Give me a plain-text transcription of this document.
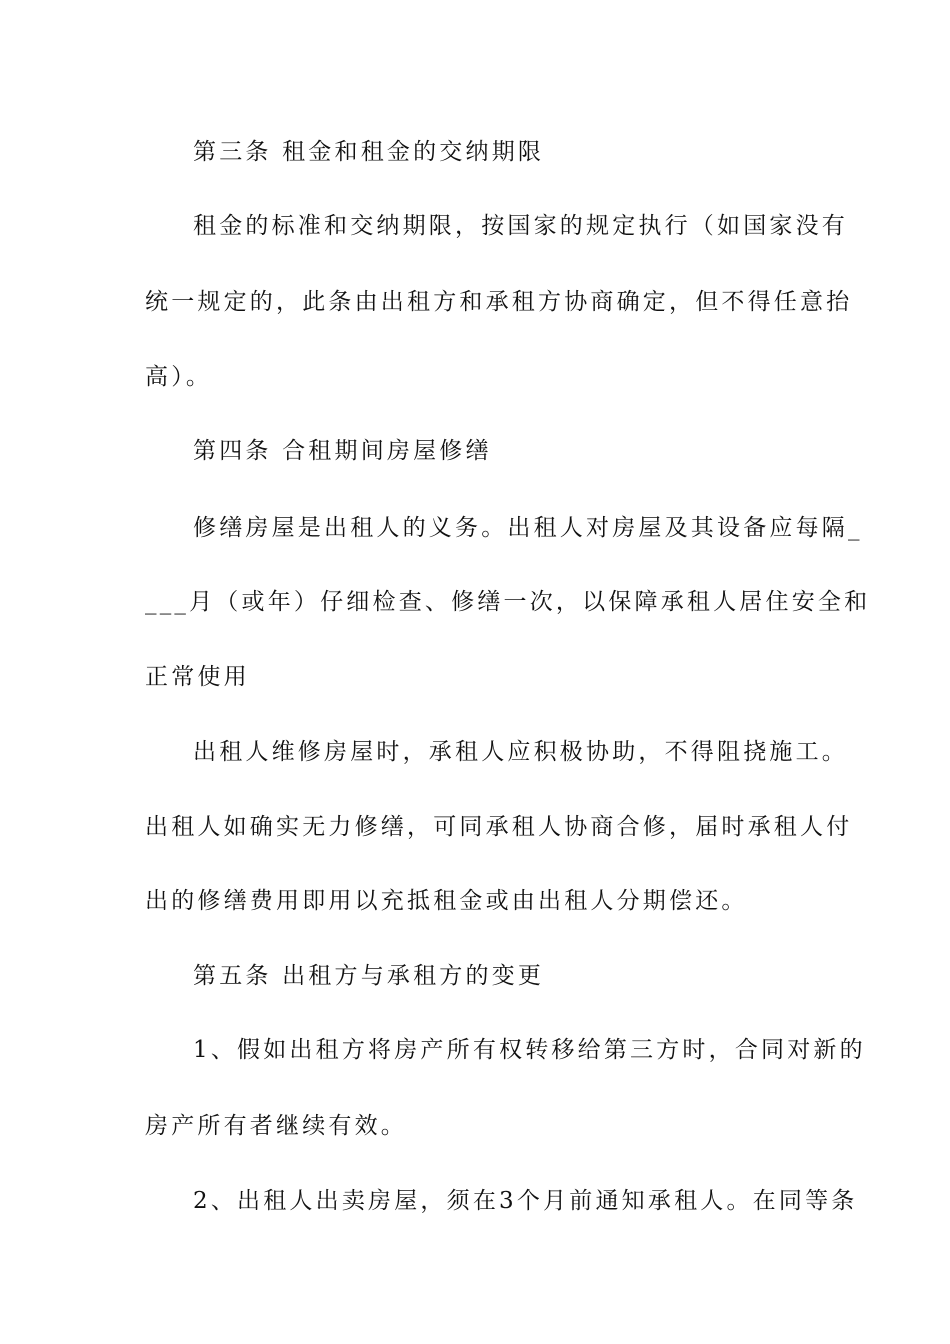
第三条 租金和租金的交纳期限
租金的标准和交纳期限，按国家的规定执行（如国家没有
统一规定的，此条由出租方和承租方协商确定，但不得任意抬
高）。
第四条 合租期间房屋修缮
修缮房屋是出租人的义务。出租人对房屋及其设备应每隔_
___月（或年）仔细检查、修缮一次，以保障承租人居住安全和
正常使用
出租人维修房屋时，承租人应积极协助，不得阻挠施工。
出租人如确实无力修缮，可同承租人协商合修，届时承租人付
出的修缮费用即用以充抵租金或由出租人分期偿还。
第五条 出租方与承租方的变更
1、假如出租方将房产所有权转移给第三方时，合同对新的
房产所有者继续有效。
2、出租人出卖房屋，须在3个月前通知承租人。在同等条
